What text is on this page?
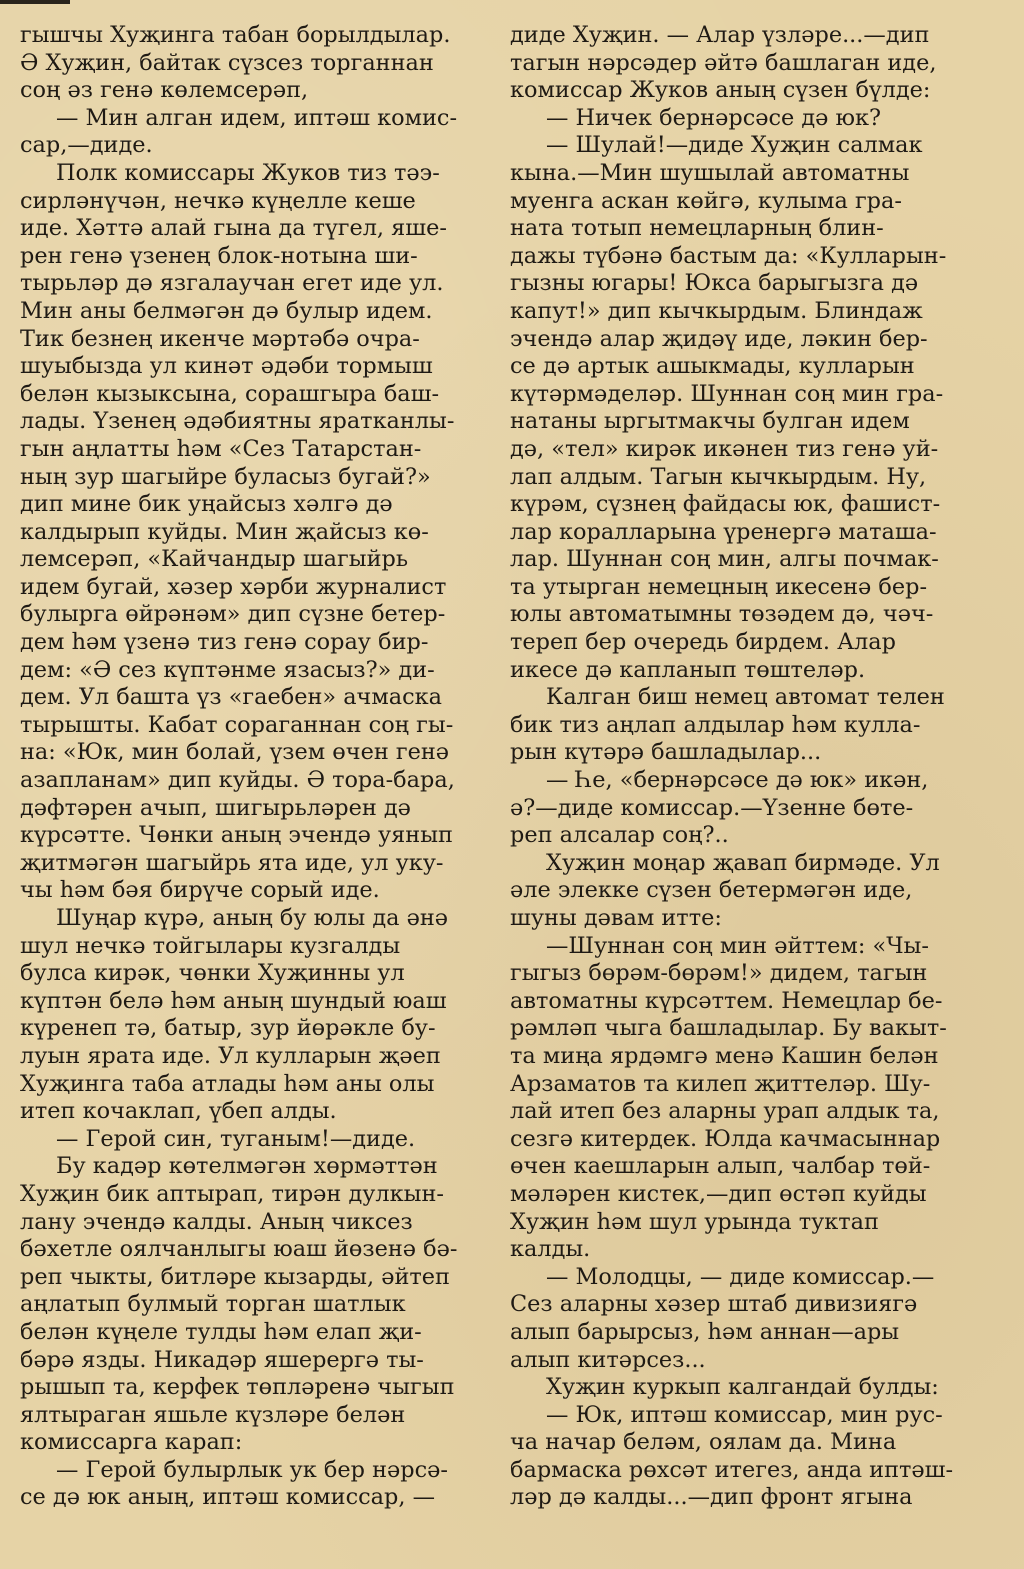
гышчы Хуҗинга табан борылдылар.
Ә Хуҗин, байтак сүзсез торганнан
соң әз генә көлемсерәп,
— Мин алган идем, иптәш комис-
сар,—диде.
Полк комиссары Жуков тиз тәэ-
сирләнүчән, нечкә күңелле кеше
иде. Хәттә алай гына да түгел, яше-
рен генә үзенең блок-нотына ши-
тырьләр дә язгалаучан егет иде ул.
Мин аны белмәгән дә булыр идем.
Тик безнең икенче мәртәбә очра-
шуыбызда ул кинәт әдәби тормыш
белән кызыксына, сорашгыра баш-
лады. Үзенең әдәбиятны яратканлы-
гын аңлатты һәм «Сез Татарстан-
ның зур шагыйре буласыз бугай?»
дип мине бик уңайсыз хәлгә дә
калдырып куйды. Мин җайсыз кө-
лемсерәп, «Кайчандыр шагыйрь
идем бугай, хәзер хәрби журналист
булырга өйрәнәм» дип сүзне бетер-
дем һәм үзенә тиз генә сорау бир-
дем: «Ә сез күптәнме язасыз?» ди-
дем. Ул башта үз «гаебен» ачмаска
тырышты. Кабат сораганнан соң гы-
на: «Юк, мин болай, үзем өчен генә
азапланам» дип куйды. Ә тора-бара,
дәфтәрен ачып, шигырьләрен дә
күрсәтте. Чөнки аның эчендә уянып
җитмәгән шагыйрь ята иде, ул уку-
чы һәм бәя бирүче сорый иде.
Шуңар күрә, аның бу юлы да әнә
шул нечкә тойгылары кузгалды
булса кирәк, чөнки Хуҗинны ул
күптән белә һәм аның шундый юаш
күренеп тә, батыр, зур йөрәкле бу-
луын ярата иде. Ул кулларын җәеп
Хуҗинга таба атлады һәм аны олы
итеп кочаклап, үбеп алды.
— Герой син, туганым!—диде.
Бу кадәр көтелмәгән хөрмәттән
Хуҗин бик аптырап, тирән дулкын-
лану эчендә калды. Аның чиксез
бәхетле оялчанлыгы юаш йөзенә бә-
реп чыкты, битләре кызарды, әйтеп
аңлатып булмый торган шатлык
белән күңеле тулды һәм елап җи-
бәрә язды. Никадәр яшерергә ты-
рышып та, керфек төпләренә чыгып
ялтыраган яшьле күзләре белән
комиссарга карап:
— Герой булырлык ук бер нәрсә-
се дә юк аның, иптәш комиссар, —
диде Хуҗин. — Алар үзләре...—дип
тагын нәрсәдер әйтә башлаган иде,
комиссар Жуков аның сүзен бүлде:
— Ничек бернәрсәсе дә юк?
— Шулай!—диде Хуҗин салмак
кына.—Мин шушылай автоматны
муенга аскан көйгә, кулыма гра-
ната тотып немецларның блин-
дажы түбәнә бастым да: «Кулларын-
гызны югары! Юкса барыгызга дә
капут!» дип кычкырдым. Блиндаж
эчендә алар җидәү иде, ләкин бер-
се дә артык ашыкмады, кулларын
күтәрмәделәр. Шуннан соң мин гра-
натаны ыргытмакчы булган идем
дә, «тел» кирәк икәнен тиз генә уй-
лап алдым. Тагын кычкырдым. Ну,
күрәм, сүзнең файдасы юк, фашист-
лар коралларына үренергә маташа-
лар. Шуннан соң мин, алгы почмак-
та утырган немецның икесенә бер-
юлы автоматымны төзәдем дә, чәч-
тереп бер очередь бирдем. Алар
икесе дә капланып төштеләр.
Калган биш немец автомат телен
бик тиз аңлап алдылар һәм кулла-
рын күтәрә башладылар...
— Һе, «бернәрсәсе дә юк» икән,
ә?—диде комиссар.—Үзенне бөте-
реп алсалар соң?..
Хуҗин моңар җавап бирмәде. Ул
әле элекке сүзен бетермәгән иде,
шуны дәвам итте:
—Шуннан соң мин әйттем: «Чы-
гыгыз бөрәм-бөрәм!» дидем, тагын
автоматны күрсәттем. Немецлар бе-
рәмләп чыга башладылар. Бу вакыт-
та миңа ярдәмгә менә Кашин белән
Арзаматов та килеп җиттеләр. Шу-
лай итеп без аларны урап алдык та,
сезгә китердек. Юлда качмасыннар
өчен каешларын алып, чалбар төй-
мәләрен кистек,—дип өстәп куйды
Хуҗин һәм шул урында туктап
калды.
— Молодцы, — диде комиссар.—
Сез аларны хәзер штаб дивизиягә
алып барырсыз, һәм аннан—ары
алып китәрсез...
Хуҗин куркып калгандай булды:
— Юк, иптәш комиссар, мин рус-
ча начар беләм, оялам да. Мина
бармаска рөхсәт итегез, анда иптәш-
ләр дә калды...—дип фронт ягына
